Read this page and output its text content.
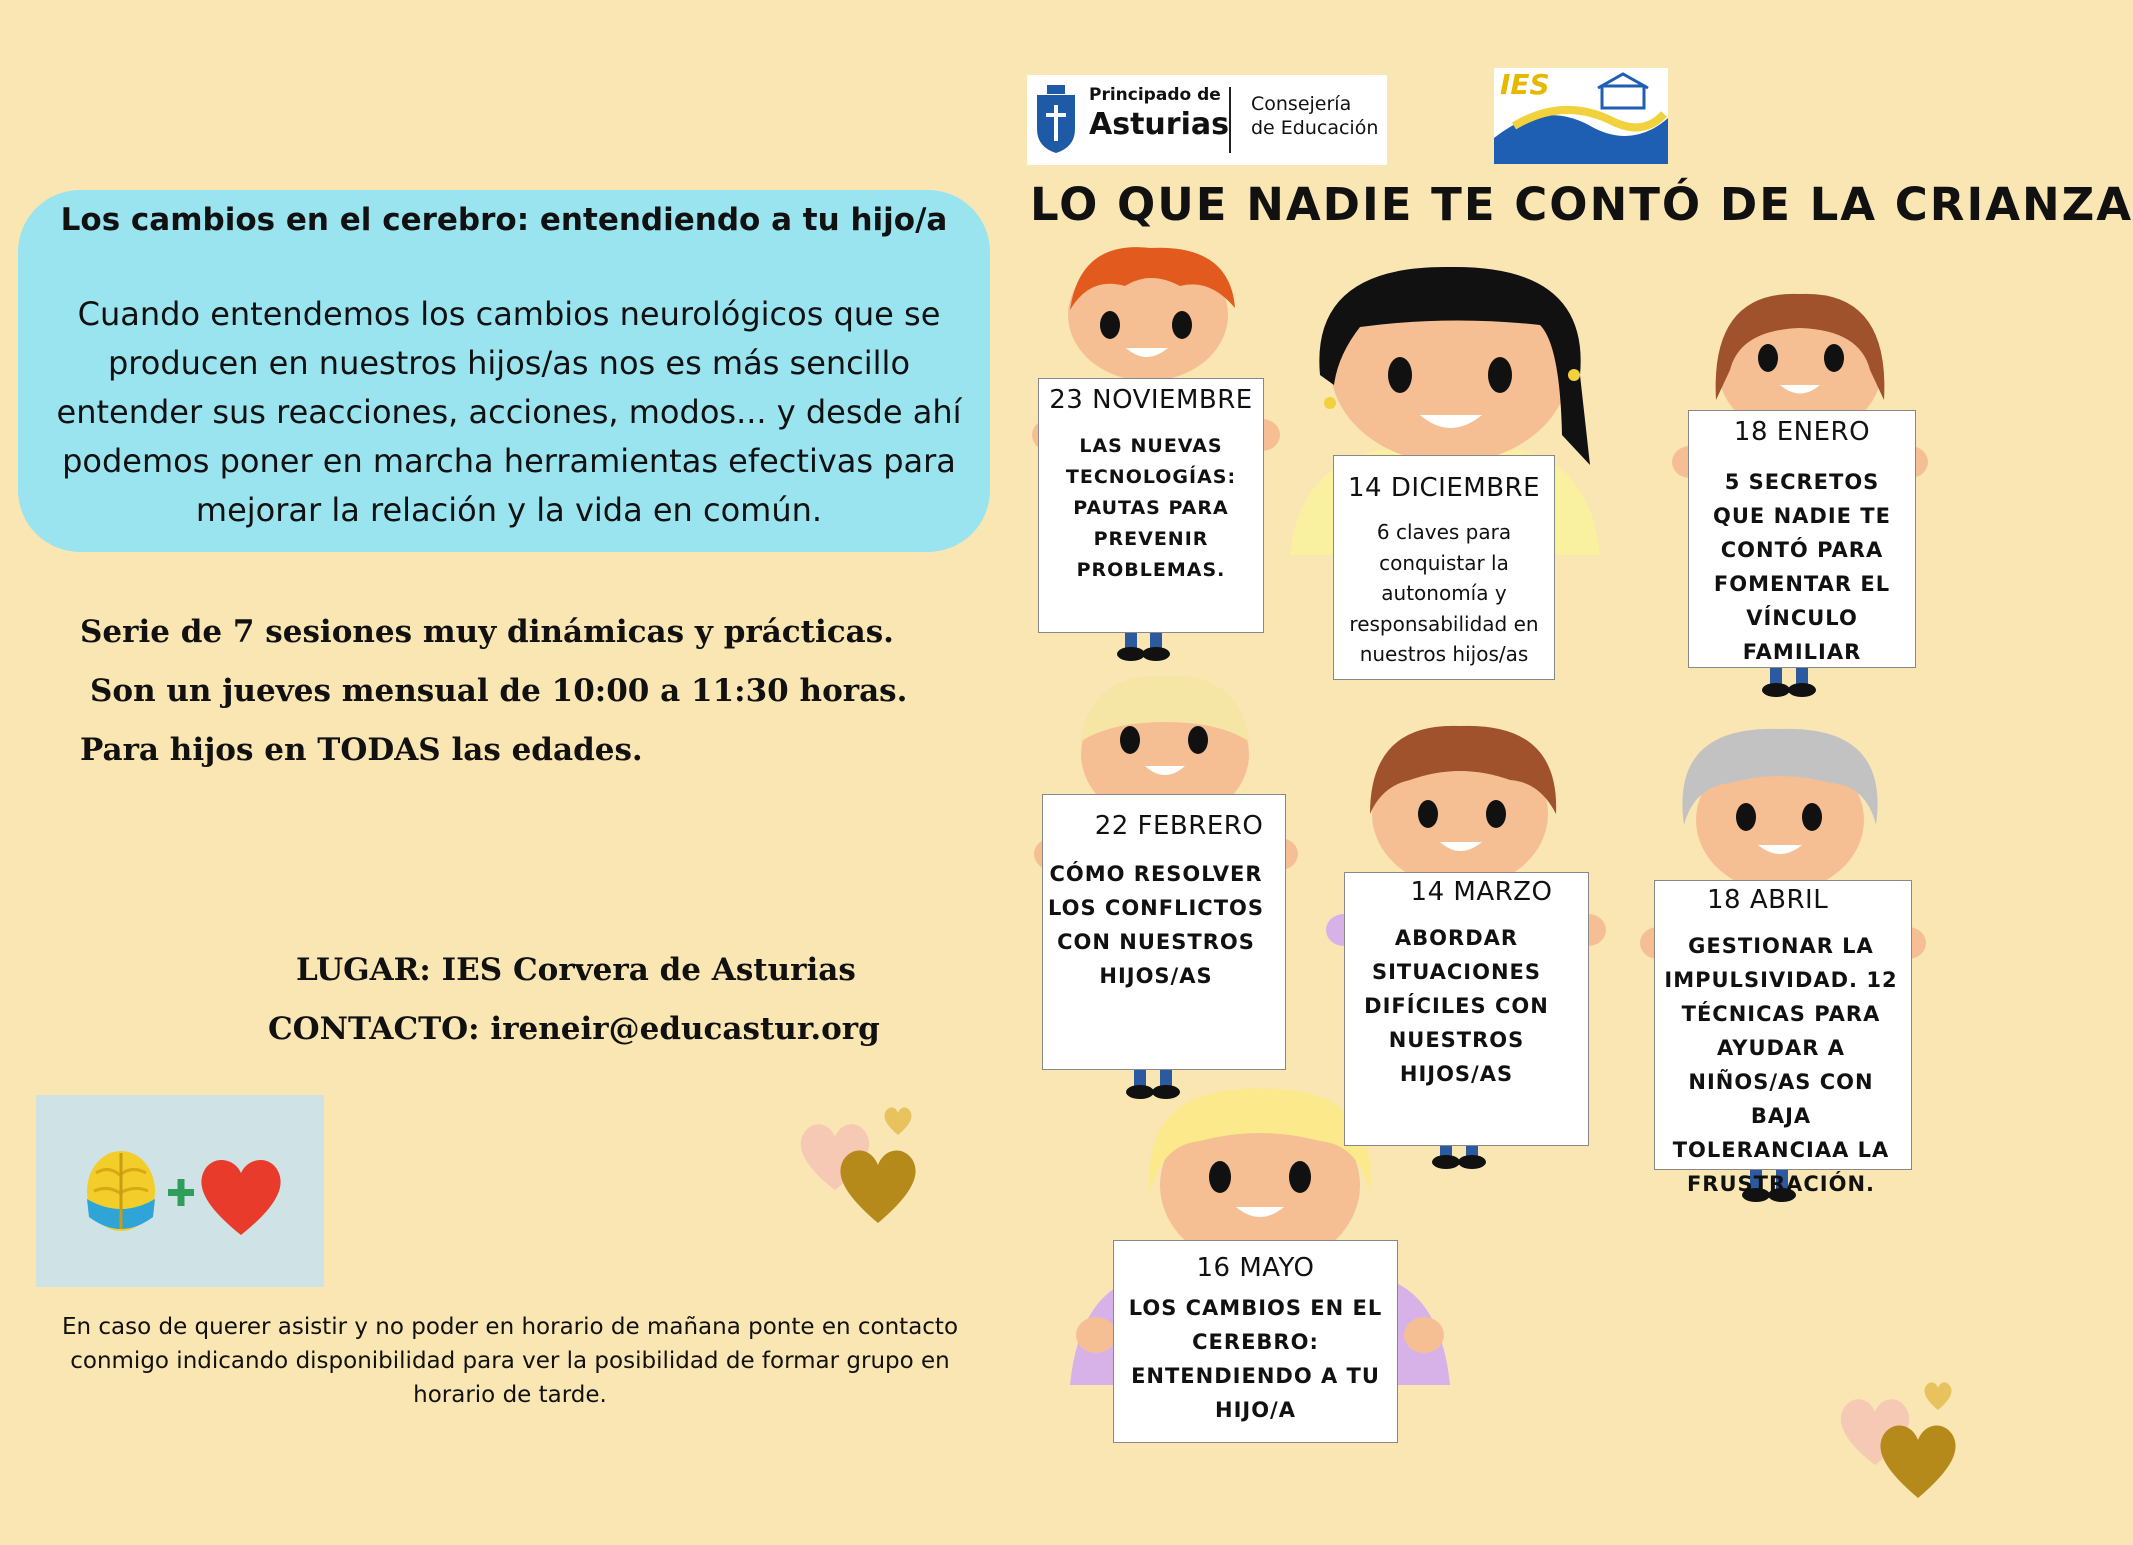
Los cambios en el cerebro: entendiendo a tu hijo/a
Cuando entendemos los cambios neurológicos que se producen en nuestros hijos/as nos es más sencillo entender sus reacciones, acciones, modos... y desde ahí podemos poner en marcha herramientas efectivas para mejorar la relación y la vida en común.
Serie de 7 sesiones muy dinámicas y prácticas.
Son un jueves mensual de 10:00 a 11:30 horas.
Para hijos en TODAS las edades.
LUGAR: IES Corvera de Asturias
CONTACTO: ireneir@educastur.org
En caso de querer asistir y no poder en horario de mañana ponte en contacto conmigo indicando disponibilidad para ver la posibilidad de formar grupo en horario de tarde.
Principado de
Asturias
Consejería
de Educación
IES
LO QUE NADIE TE CONTÓ DE LA CRIANZA
23 NOVIEMBRE
LAS NUEVAS TECNOLOGÍAS: PAUTAS PARA PREVENIR PROBLEMAS.
14 DICIEMBRE
6 claves para conquistar la autonomía y responsabilidad en nuestros hijos/as
18 ENERO
5 SECRETOS QUE NADIE TE CONTÓ PARA FOMENTAR EL VÍNCULO FAMILIAR
22 FEBRERO
CÓMO RESOLVER LOS CONFLICTOS CON NUESTROS HIJOS/AS
14 MARZO
ABORDAR SITUACIONES DIFÍCILES CON NUESTROS HIJOS/AS
18 ABRIL
GESTIONAR LA IMPULSIVIDAD. 12 TÉCNICAS PARA AYUDAR A NIÑOS/AS CON BAJA TOLERANCIAA LA FRUSTRACIÓN.
16 MAYO
LOS CAMBIOS EN EL CEREBRO: ENTENDIENDO A TU HIJO/A
